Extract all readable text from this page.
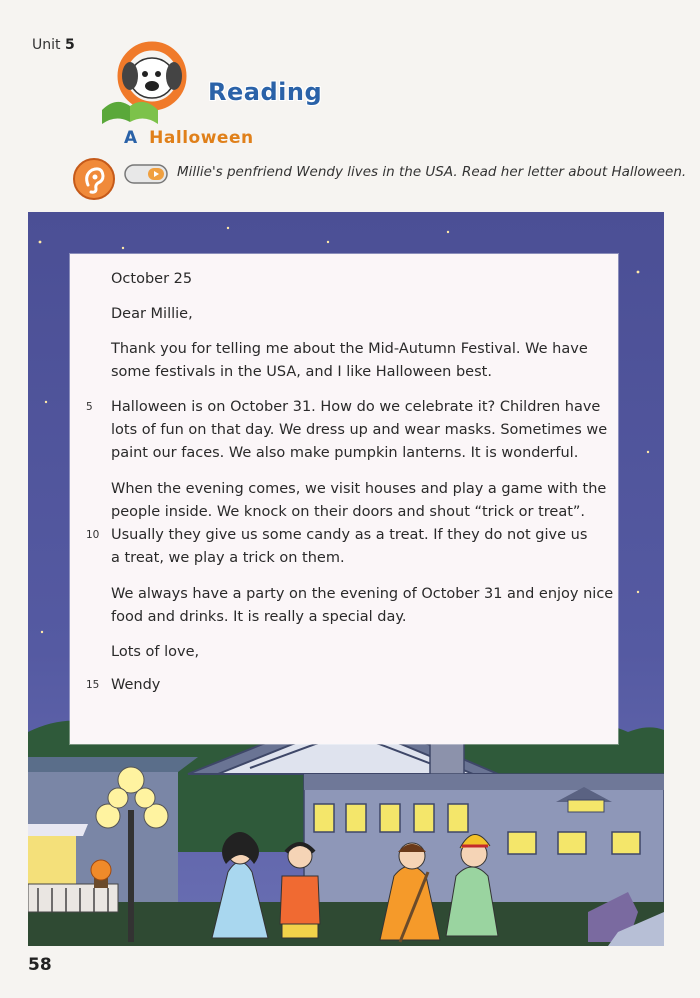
Unit 5
Reading
A Halloween
Millie's penfriend Wendy lives in the USA. Read her letter about Halloween.
October 25
Dear Millie,
Thank you for telling me about the Mid-Autumn Festival. We have
some festivals in the USA, and I like Halloween best.
5 Halloween is on October 31. How do we celebrate it? Children have
lots of fun on that day. We dress up and wear masks. Sometimes we
paint our faces. We also make pumpkin lanterns. It is wonderful.
When the evening comes, we visit houses and play a game with the
people inside. We knock on their doors and shout “trick or treat”.
10 Usually they give us some candy as a treat. If they do not give us
a treat, we play a trick on them.
We always have a party on the evening of October 31 and enjoy nice
food and drinks. It is really a special day.
Lots of love,
15 Wendy
58
